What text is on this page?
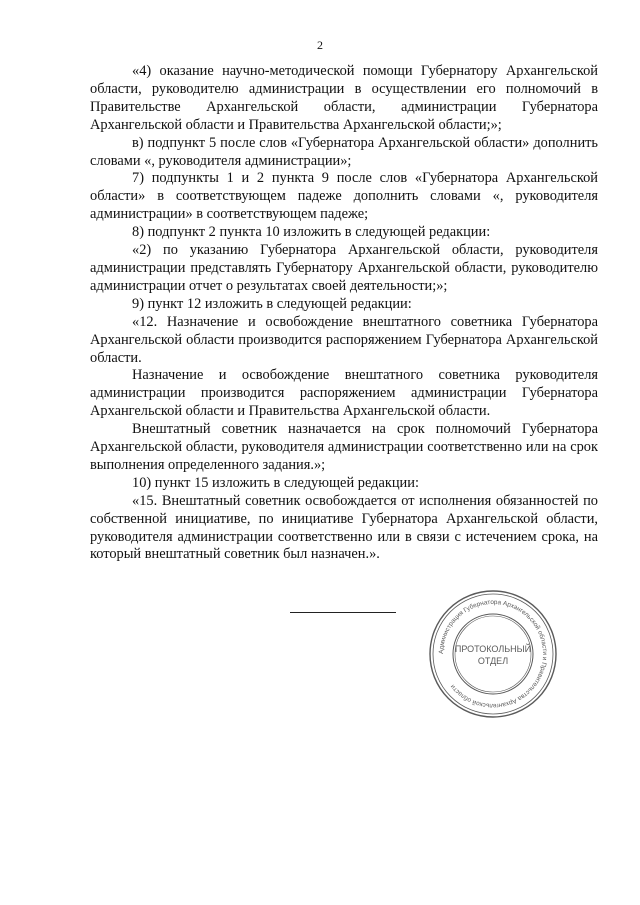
2

«4) оказание научно-методической помощи Губернатору Архангельской области, руководителю администрации в осуществлении его полномочий в Правительстве Архангельской области, администрации Губернатора Архангельской области и Правительства Архангельской области;»;

в) подпункт 5 после слов «Губернатора Архангельской области» дополнить словами «, руководителя администрации»;

7) подпункты 1 и 2 пункта 9 после слов «Губернатора Архангельской области» в соответствующем падеже дополнить словами «, руководителя администрации» в соответствующем падеже;

8) подпункт 2 пункта 10 изложить в следующей редакции:

«2) по указанию Губернатора Архангельской области, руководителя администрации представлять Губернатору Архангельской области, руководителю администрации отчет о результатах своей деятельности;»;

9) пункт 12 изложить в следующей редакции:

«12. Назначение и освобождение внештатного советника Губернатора Архангельской области производится распоряжением Губернатора Архангельской области.

Назначение и освобождение внештатного советника руководителя администрации производится распоряжением администрации Губернатора Архангельской области и Правительства Архангельской области.

Внештатный советник назначается на срок полномочий Губернатора Архангельской области, руководителя администрации соответственно или на срок выполнения определенного задания.»;

10) пункт 15 изложить в следующей редакции:

«15. Внештатный советник освобождается от исполнения обязанностей по собственной инициативе, по инициативе Губернатора Архангельской области, руководителя администрации соответственно или в связи с истечением срока, на который внештатный советник был назначен.».

Администрация Губернатора Архангельской области и Правительства Архангельской области
ПРОТОКОЛЬНЫЙ
ОТДЕЛ
